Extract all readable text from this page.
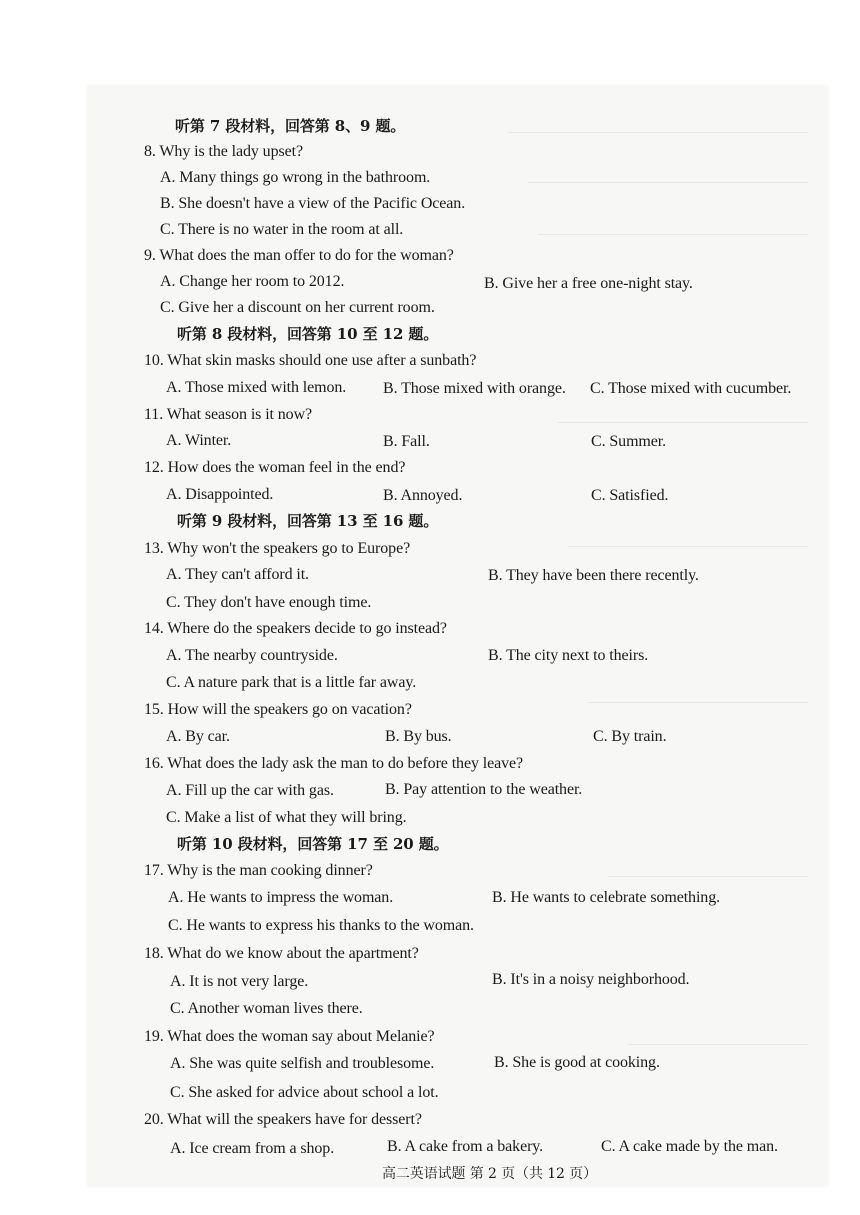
听第 7 段材料，回答第 8、9 题。
8. Why is the lady upset?
A. Many things go wrong in the bathroom.
B. She doesn't have a view of the Pacific Ocean.
C. There is no water in the room at all.
9. What does the man offer to do for the woman?
A. Change her room to 2012.	B. Give her a free one-night stay.
C. Give her a discount on her current room.
听第 8 段材料，回答第 10 至 12 题。
10. What skin masks should one use after a sunbath?
A. Those mixed with lemon. B. Those mixed with orange. C. Those mixed with cucumber.
11. What season is it now?
A. Winter.	B. Fall.	C. Summer.
12. How does the woman feel in the end?
A. Disappointed.	B. Annoyed.	C. Satisfied.
听第 9 段材料，回答第 13 至 16 题。
13. Why won't the speakers go to Europe?
A. They can't afford it.	B. They have been there recently.
C. They don't have enough time.
14. Where do the speakers decide to go instead?
A. The nearby countryside.	B. The city next to theirs.
C. A nature park that is a little far away.
15. How will the speakers go on vacation?
A. By car.	B. By bus.	C. By train.
16. What does the lady ask the man to do before they leave?
A. Fill up the car with gas.	B. Pay attention to the weather.
C. Make a list of what they will bring.
听第 10 段材料，回答第 17 至 20 题。
17. Why is the man cooking dinner?
A. He wants to impress the woman.	B. He wants to celebrate something.
C. He wants to express his thanks to the woman.
18. What do we know about the apartment?
A. It is not very large.	B. It's in a noisy neighborhood.
C. Another woman lives there.
19. What does the woman say about Melanie?
A. She was quite selfish and troublesome.	B. She is good at cooking.
C. She asked for advice about school a lot.
20. What will the speakers have for dessert?
A. Ice cream from a shop.	B. A cake from a bakery.	C. A cake made by the man.
高二英语试题 第 2 页（共 12 页）
